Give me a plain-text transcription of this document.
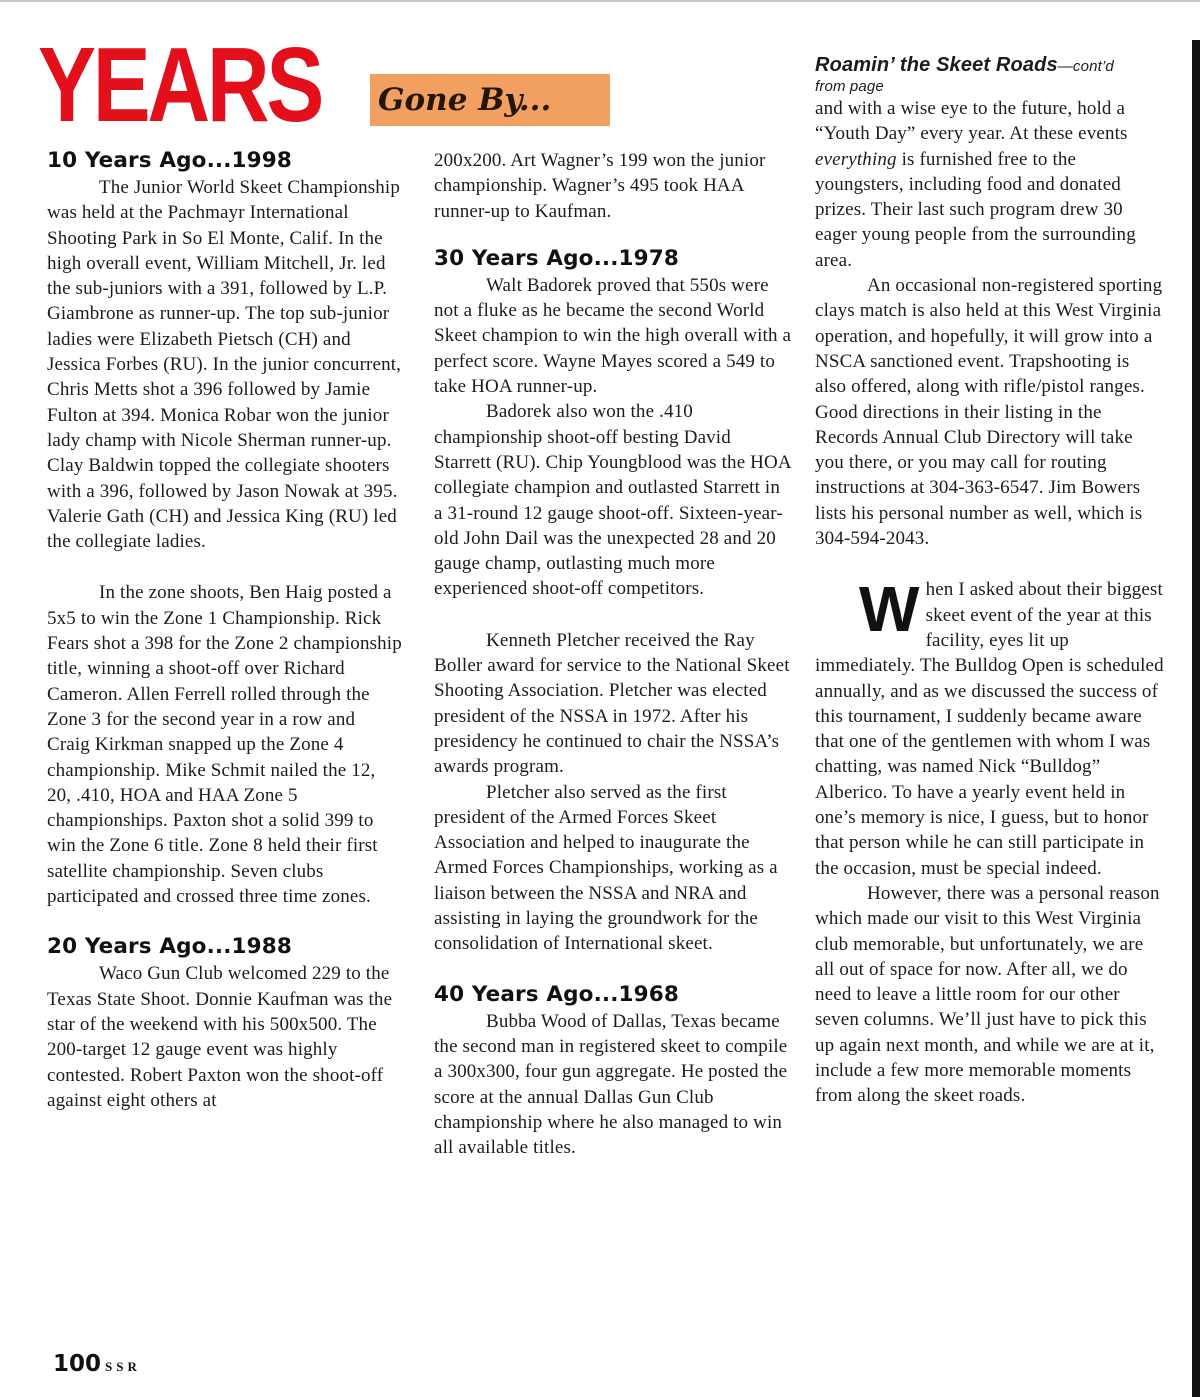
YEARS Gone By...
10 Years Ago...1998

The Junior World Skeet Championship was held at the Pachmayr International Shooting Park in So El Monte, Calif. In the high overall event, William Mitchell, Jr. led the sub-juniors with a 391, followed by L.P. Giambrone as runner-up. The top sub-junior ladies were Elizabeth Pietsch (CH) and Jessica Forbes (RU). In the junior concurrent, Chris Metts shot a 396 followed by Jamie Fulton at 394. Monica Robar won the junior lady champ with Nicole Sherman runner-up. Clay Baldwin topped the collegiate shooters with a 396, followed by Jason Nowak at 395. Valerie Gath (CH) and Jessica King (RU) led the collegiate ladies.

In the zone shoots, Ben Haig posted a 5x5 to win the Zone 1 Championship. Rick Fears shot a 398 for the Zone 2 championship title, winning a shoot-off over Richard Cameron. Allen Ferrell rolled through the Zone 3 for the second year in a row and Craig Kirkman snapped up the Zone 4 championship. Mike Schmit nailed the 12, 20, .410, HOA and HAA Zone 5 championships. Paxton shot a solid 399 to win the Zone 6 title. Zone 8 held their first satellite championship. Seven clubs participated and crossed three time zones.

20 Years Ago...1988

Waco Gun Club welcomed 229 to the Texas State Shoot. Donnie Kaufman was the star of the weekend with his 500x500. The 200-target 12 gauge event was highly contested. Robert Paxton won the shoot-off against eight others at

200x200. Art Wagner’s 199 won the junior championship. Wagner’s 495 took HAA runner-up to Kaufman.

30 Years Ago...1978

Walt Badorek proved that 550s were not a fluke as he became the second World Skeet champion to win the high overall with a perfect score. Wayne Mayes scored a 549 to take HOA runner-up.

Badorek also won the .410 championship shoot-off besting David Starrett (RU). Chip Youngblood was the HOA collegiate champion and outlasted Starrett in a 31-round 12 gauge shoot-off. Sixteen-year-old John Dail was the unexpected 28 and 20 gauge champ, outlasting much more experienced shoot-off competitors.

Kenneth Pletcher received the Ray Boller award for service to the National Skeet Shooting Association. Pletcher was elected president of the NSSA in 1972. After his presidency he continued to chair the NSSA’s awards program.

Pletcher also served as the first president of the Armed Forces Skeet Association and helped to inaugurate the Armed Forces Championships, working as a liaison between the NSSA and NRA and assisting in laying the groundwork for the consolidation of International skeet.

40 Years Ago...1968

Bubba Wood of Dallas, Texas became the second man in registered skeet to compile a 300x300, four gun aggregate. He posted the score at the annual Dallas Gun Club championship where he also managed to win all available titles.

Roamin’ the Skeet Roads—cont’d
from page

and with a wise eye to the future, hold a “Youth Day” every year. At these events everything is furnished free to the youngsters, including food and donated prizes. Their last such program drew 30 eager young people from the surrounding area.

An occasional non-registered sporting clays match is also held at this West Virginia operation, and hopefully, it will grow into a NSCA sanctioned event. Trapshooting is also offered, along with rifle/pistol ranges. Good directions in their listing in the Records Annual Club Directory will take you there, or you may call for routing instructions at 304-363-6547. Jim Bowers lists his personal number as well, which is 304-594-2043.

When I asked about their biggest skeet event of the year at this facility, eyes lit up immediately. The Bulldog Open is scheduled annually, and as we discussed the success of this tournament, I suddenly became aware that one of the gentlemen with whom I was chatting, was named Nick “Bulldog” Alberico. To have a yearly event held in one’s memory is nice, I guess, but to honor that person while he can still participate in the occasion, must be special indeed.

However, there was a personal reason which made our visit to this West Virginia club memorable, but unfortunately, we are all out of space for now. After all, we do need to leave a little room for our other seven columns. We’ll just have to pick this up again next month, and while we are at it, include a few more memorable moments from along the skeet roads.

100 SSR
